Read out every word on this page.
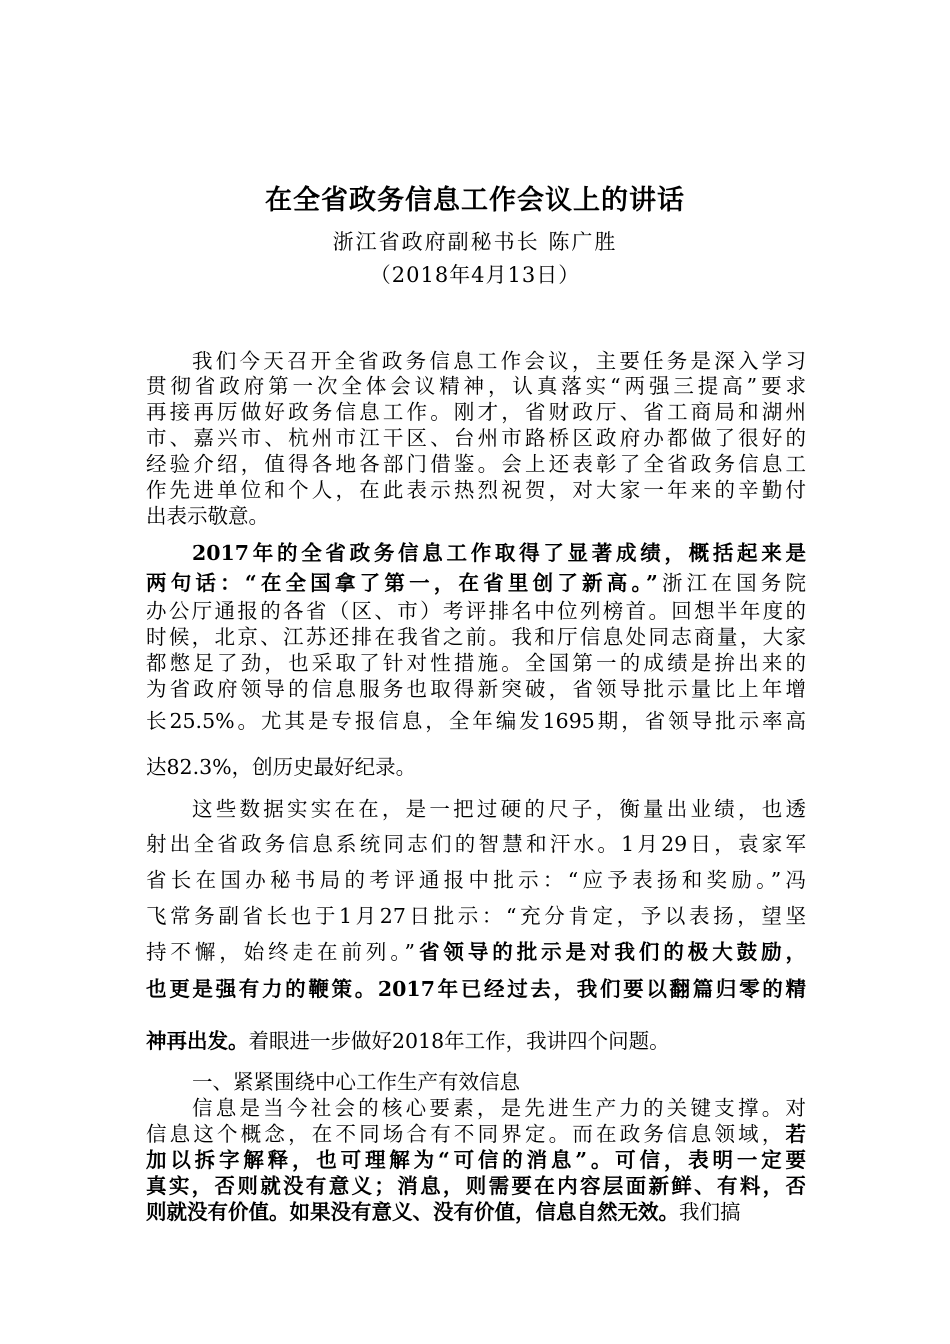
在全省政务信息工作会议上的讲话
浙江省政府副秘书长 陈广胜
（2018年4月13日）
我们今天召开全省政务信息工作会议，主要任务是深入学习
贯彻省政府第一次全体会议精神，认真落实“两强三提高”要求
再接再厉做好政务信息工作。刚才，省财政厅、省工商局和湖州
市、嘉兴市、杭州市江干区、台州市路桥区政府办都做了很好的
经验介绍，值得各地各部门借鉴。会上还表彰了全省政务信息工
作先进单位和个人，在此表示热烈祝贺，对大家一年来的辛勤付
出表示敬意。
2017年的全省政务信息工作取得了显著成绩，概括起来是
两句话：“在全国拿了第一，在省里创了新高。”浙江在国务院
办公厅通报的各省（区、市）考评排名中位列榜首。回想半年度的
时候，北京、江苏还排在我省之前。我和厅信息处同志商量，大家
都憋足了劲，也采取了针对性措施。全国第一的成绩是拚出来的
为省政府领导的信息服务也取得新突破，省领导批示量比上年增
长25.5%。尤其是专报信息，全年编发1695期，省领导批示率高
达82.3%，创历史最好纪录。
这些数据实实在在，是一把过硬的尺子，衡量出业绩，也透
射出全省政务信息系统同志们的智慧和汗水。1月29日，袁家军
省长在国办秘书局的考评通报中批示：“应予表扬和奖励。”冯
飞常务副省长也于1月27日批示：“充分肯定，予以表扬，望坚
持不懈，始终走在前列。”省领导的批示是对我们的极大鼓励，
也更是强有力的鞭策。2017年已经过去，我们要以翻篇归零的精
神再出发。着眼进一步做好2018年工作，我讲四个问题。
一、紧紧围绕中心工作生产有效信息
信息是当今社会的核心要素，是先进生产力的关键支撑。对
信息这个概念，在不同场合有不同界定。而在政务信息领域，若
加以拆字解释，也可理解为“可信的消息”。可信，表明一定要
真实，否则就没有意义；消息，则需要在内容层面新鲜、有料，否
则就没有价值。如果没有意义、没有价值，信息自然无效。我们搞
